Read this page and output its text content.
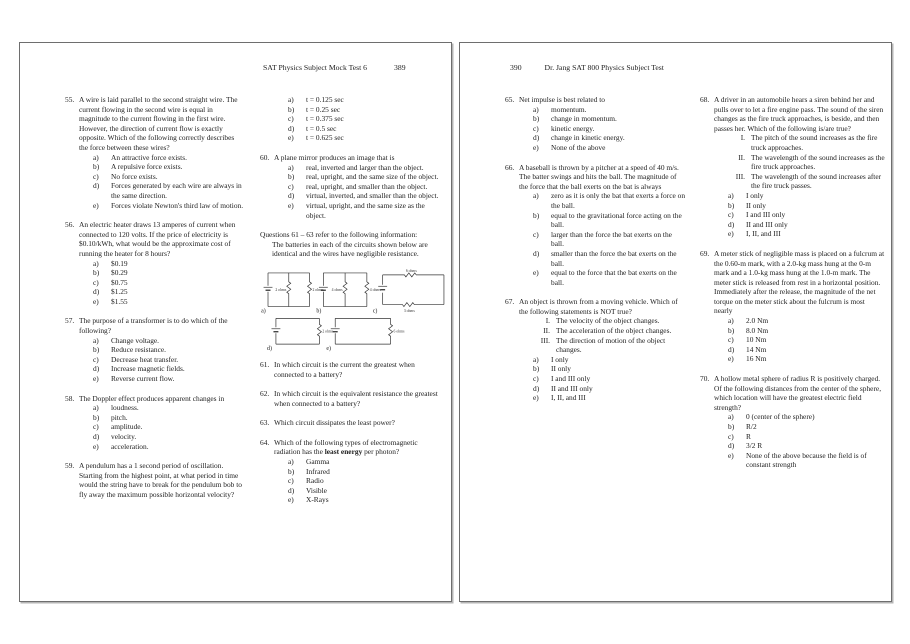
SAT Physics Subject Mock Test 6	389
55. A wire is laid parallel to the second straight wire. The current flowing in the second wire is equal in magnitude to the current flowing in the first wire. However, the direction of current flow is exactly opposite. Which of the following correctly describes the force between these wires?
a)	An attractive force exists.
b)	A repulsive force exists.
c)	No force exists.
d)	Forces generated by each wire are always in the same direction.
e)	Forces violate Newton's third law of motion.
56. An electric heater draws 13 amperes of current when connected to 120 volts. If the price of electricity is $0.10/kWh, what would be the approximate cost of running the heater for 8 hours?
a)	$0.19
b)	$0.29
c)	$0.75
d)	$1.25
e)	$1.55
57. The purpose of a transformer is to do which of the following?
a)	Change voltage.
b)	Reduce resistance.
c)	Decrease heat transfer.
d)	Increase magnetic fields.
e)	Reverse current flow.
58. The Doppler effect produces apparent changes in
a)	loudness.
b)	pitch.
c)	amplitude.
d)	velocity.
e)	acceleration.
59. A pendulum has a 1 second period of oscillation. Starting from the highest point, at what period in time would the string have to break for the pendulum bob to fly away the maximum possible horizontal velocity?
a)	t = 0.125 sec
b)	t = 0.25 sec
c)	t = 0.375 sec
d)	t = 0.5 sec
e)	t = 0.625 sec
60. A plane mirror produces an image that is
a)	real, inverted and larger than the object.
b)	real, upright, and the same size of the object.
c)	real, upright, and smaller than the object.
d)	virtual, inverted, and smaller than the object.
e)	virtual, upright, and the same size as the object.
Questions 61 – 63 refer to the following information:
The batteries in each of the circuits shown below are identical and the wires have negligible resistance.
2 ohms	2 ohms
a)
4 ohms	4 ohms
b)
6 ohms
3 ohms
c)
2 ohms
d)
6 ohms
e)
61. In which circuit is the current the greatest when connected to a battery?
62. In which circuit is the equivalent resistance the greatest when connected to a battery?
63. Which circuit dissipates the least power?
64. Which of the following types of electromagnetic radiation has the least energy per photon?
a)	Gamma
b)	Infrared
c)	Radio
d)	Visible
e)	X-Rays
390	Dr. Jang SAT 800 Physics Subject Test
65. Net impulse is best related to
a)	momentum.
b)	change in momentum.
c)	kinetic energy.
d)	change in kinetic energy.
e)	None of the above
66. A baseball is thrown by a pitcher at a speed of 40 m/s. The batter swings and hits the ball. The magnitude of the force that the ball exerts on the bat is always
a)	zero as it is only the bat that exerts a force on the ball.
b)	equal to the gravitational force acting on the ball.
c)	larger than the force the bat exerts on the ball.
d)	smaller than the force the bat exerts on the ball.
e)	equal to the force that the bat exerts on the ball.
67. An object is thrown from a moving vehicle. Which of the following statements is NOT true?
I. The velocity of the object changes.
II. The acceleration of the object changes.
III. The direction of motion of the object changes.
a)	I only
b)	II only
c)	I and III only
d)	II and III only
e)	I, II, and III
68. A driver in an automobile hears a siren behind her and pulls over to let a fire engine pass. The sound of the siren changes as the fire truck approaches, is beside, and then passes her. Which of the following is/are true?
I. The pitch of the sound increases as the fire truck approaches.
II. The wavelength of the sound increases as the fire truck approaches.
III. The wavelength of the sound increases after the fire truck passes.
a)	I only
b)	II only
c)	I and III only
d)	II and III only
e)	I, II, and III
69. A meter stick of negligible mass is placed on a fulcrum at the 0.60-m mark, with a 2.0-kg mass hung at the 0-m mark and a 1.0-kg mass hung at the 1.0-m mark. The meter stick is released from rest in a horizontal position. Immediately after the release, the magnitude of the net torque on the meter stick about the fulcrum is most nearly
a)	2.0 Nm
b)	8.0 Nm
c)	10 Nm
d)	14 Nm
e)	16 Nm
70. A hollow metal sphere of radius R is positively charged. Of the following distances from the center of the sphere, which location will have the greatest electric field strength?
a)	0 (center of the sphere)
b)	R/2
c)	R
d)	3/2 R
e)	None of the above because the field is of constant strength
